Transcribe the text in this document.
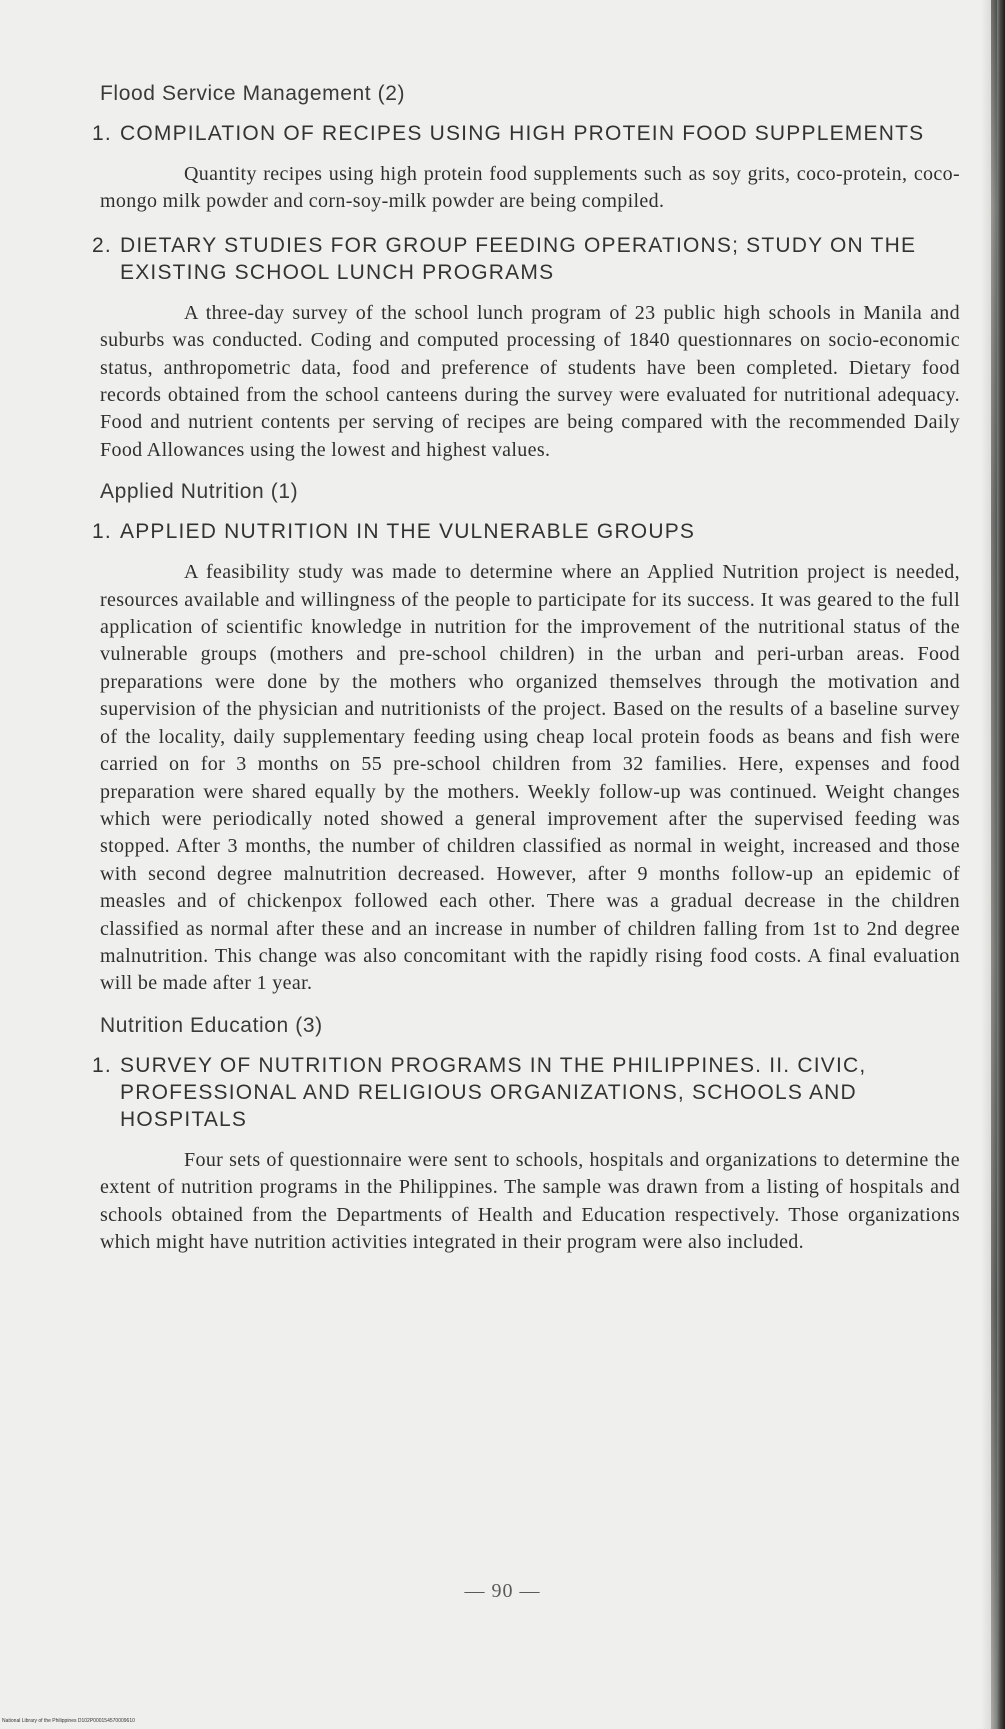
Flood Service Management (2)
1. COMPILATION OF RECIPES USING HIGH PROTEIN FOOD SUPPLEMENTS

Quantity recipes using high protein food supplements such as soy grits, coco-protein, coco-mongo milk powder and corn-soy-milk powder are being compiled.

2. DIETARY STUDIES FOR GROUP FEEDING OPERATIONS; STUDY ON THE EXISTING SCHOOL LUNCH PROGRAMS

A three-day survey of the school lunch program of 23 public high schools in Manila and suburbs was conducted. Coding and computed processing of 1840 questionnares on socio-economic status, anthropometric data, food and preference of students have been completed. Dietary food records obtained from the school canteens during the survey were evaluated for nutritional adequacy. Food and nutrient contents per serving of recipes are being compared with the recommended Daily Food Allowances using the lowest and highest values.

Applied Nutrition (1)
1. APPLIED NUTRITION IN THE VULNERABLE GROUPS

A feasibility study was made to determine where an Applied Nutrition project is needed, resources available and willingness of the people to participate for its success. It was geared to the full application of scientific knowledge in nutrition for the improvement of the nutritional status of the vulnerable groups (mothers and pre-school children) in the urban and peri-urban areas. Food preparations were done by the mothers who organized themselves through the motivation and supervision of the physician and nutritionists of the project. Based on the results of a baseline survey of the locality, daily supplementary feeding using cheap local protein foods as beans and fish were carried on for 3 months on 55 pre-school children from 32 families. Here, expenses and food preparation were shared equally by the mothers. Weekly follow-up was continued. Weight changes which were periodically noted showed a general improvement after the supervised feeding was stopped. After 3 months, the number of children classified as normal in weight, increased and those with second degree malnutrition decreased. However, after 9 months follow-up an epidemic of measles and of chickenpox followed each other. There was a gradual decrease in the children classified as normal after these and an increase in number of children falling from 1st to 2nd degree malnutrition. This change was also concomitant with the rapidly rising food costs. A final evaluation will be made after 1 year.

Nutrition Education (3)
1. SURVEY OF NUTRITION PROGRAMS IN THE PHILIPPINES. II. CIVIC, PROFESSIONAL AND RELIGIOUS ORGANIZATIONS, SCHOOLS AND HOSPITALS

Four sets of questionnaire were sent to schools, hospitals and organizations to determine the extent of nutrition programs in the Philippines. The sample was drawn from a listing of hospitals and schools obtained from the Departments of Health and Education respectively. Those organizations which might have nutrition activities integrated in their program were also included.

— 90 —
National Library of the Philippines D102P000154570009610
